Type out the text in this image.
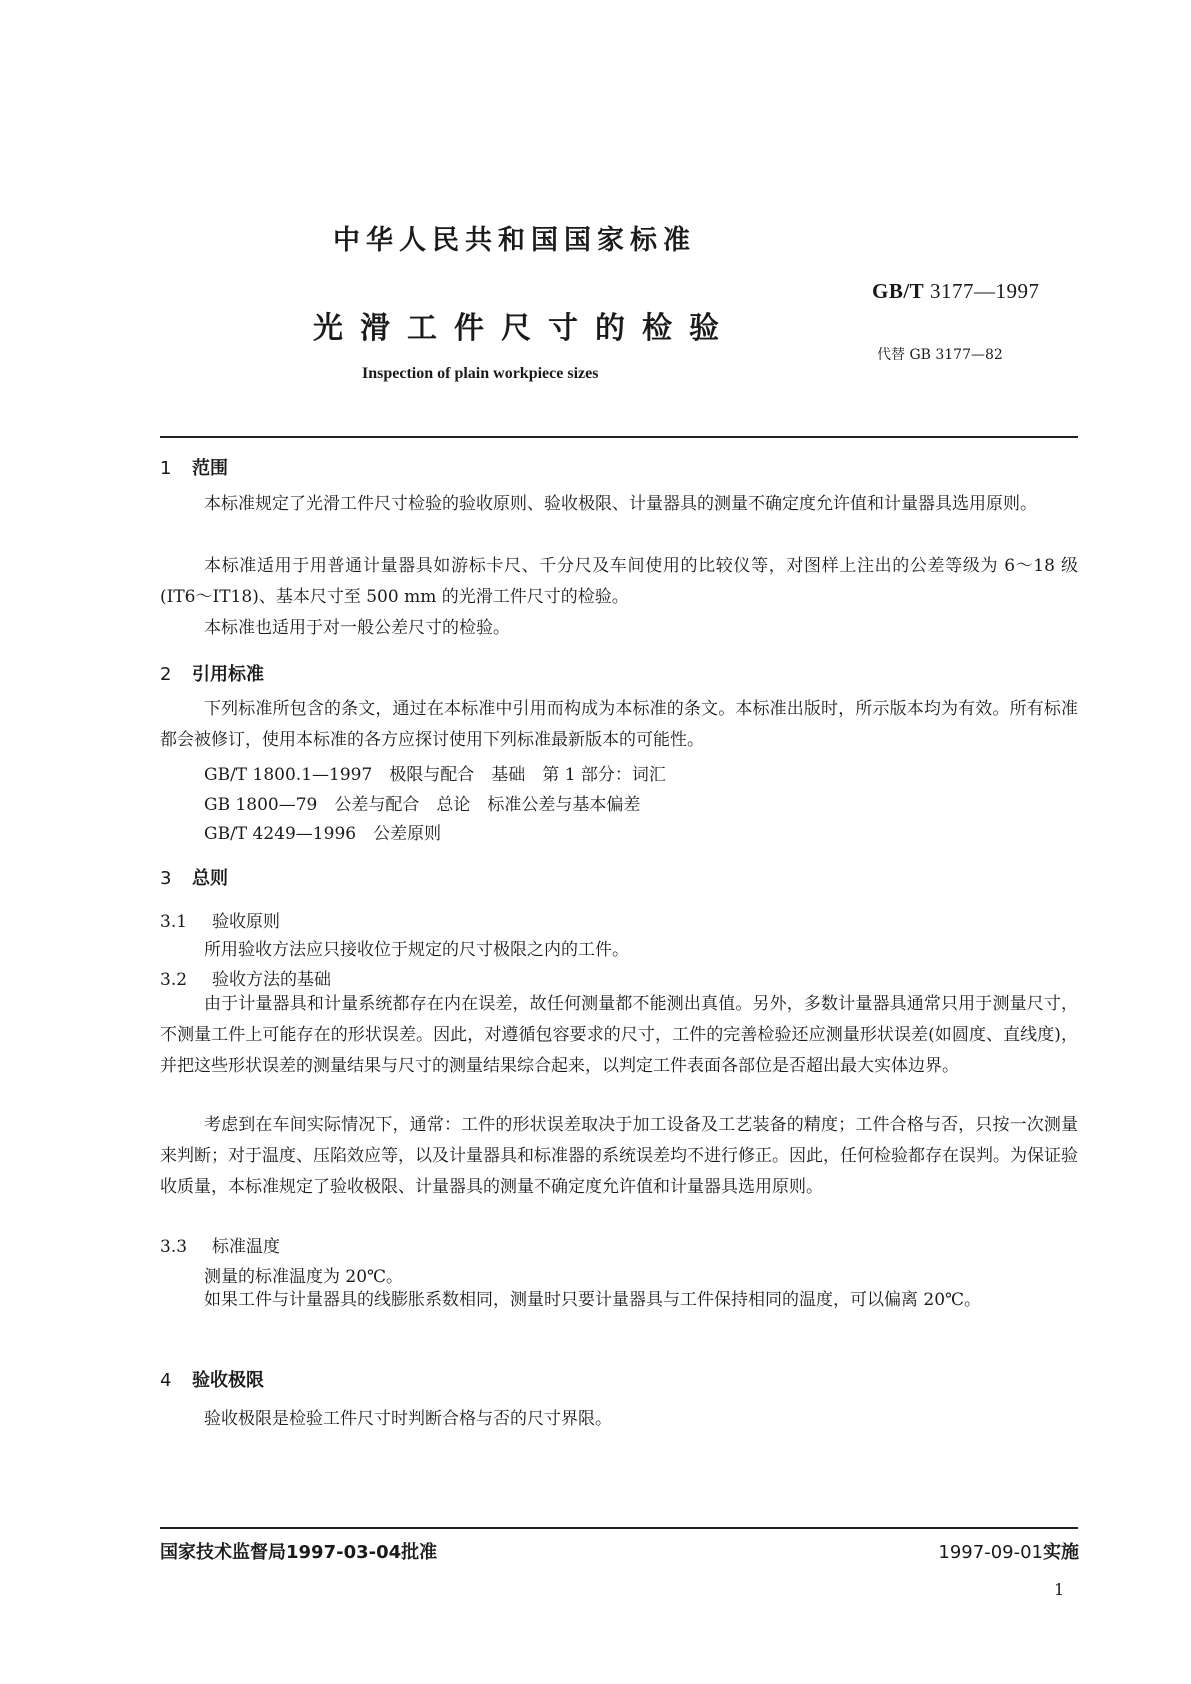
中华人民共和国国家标准
光滑工件尺寸的检验
Inspection of plain workpiece sizes
GB/T 3177—1997
代替 GB 3177—82
1 范围
本标准规定了光滑工件尺寸检验的验收原则、验收极限、计量器具的测量不确定度允许值和计量器具选用原则。
本标准适用于用普通计量器具如游标卡尺、千分尺及车间使用的比较仪等，对图样上注出的公差等级为 6～18 级(IT6～IT18)、基本尺寸至 500 mm 的光滑工件尺寸的检验。
本标准也适用于对一般公差尺寸的检验。
2 引用标准
下列标准所包含的条文，通过在本标准中引用而构成为本标准的条文。本标准出版时，所示版本均为有效。所有标准都会被修订，使用本标准的各方应探讨使用下列标准最新版本的可能性。
GB/T 1800.1—1997　极限与配合　基础　第 1 部分：词汇
GB 1800—79　公差与配合　总论　标准公差与基本偏差
GB/T 4249—1996　公差原则
3 总则
3.1 验收原则
所用验收方法应只接收位于规定的尺寸极限之内的工件。
3.2 验收方法的基础
由于计量器具和计量系统都存在内在误差，故任何测量都不能测出真值。另外，多数计量器具通常只用于测量尺寸，不测量工件上可能存在的形状误差。因此，对遵循包容要求的尺寸，工件的完善检验还应测量形状误差(如圆度、直线度)，并把这些形状误差的测量结果与尺寸的测量结果综合起来，以判定工件表面各部位是否超出最大实体边界。
考虑到在车间实际情况下，通常：工件的形状误差取决于加工设备及工艺装备的精度；工件合格与否，只按一次测量来判断；对于温度、压陷效应等，以及计量器具和标准器的系统误差均不进行修正。因此，任何检验都存在误判。为保证验收质量，本标准规定了验收极限、计量器具的测量不确定度允许值和计量器具选用原则。
3.3 标准温度
测量的标准温度为 20℃。
如果工件与计量器具的线膨胀系数相同，测量时只要计量器具与工件保持相同的温度，可以偏离 20℃。
4 验收极限
验收极限是检验工件尺寸时判断合格与否的尺寸界限。
国家技术监督局1997-03-04批准	1997-09-01实施
1
